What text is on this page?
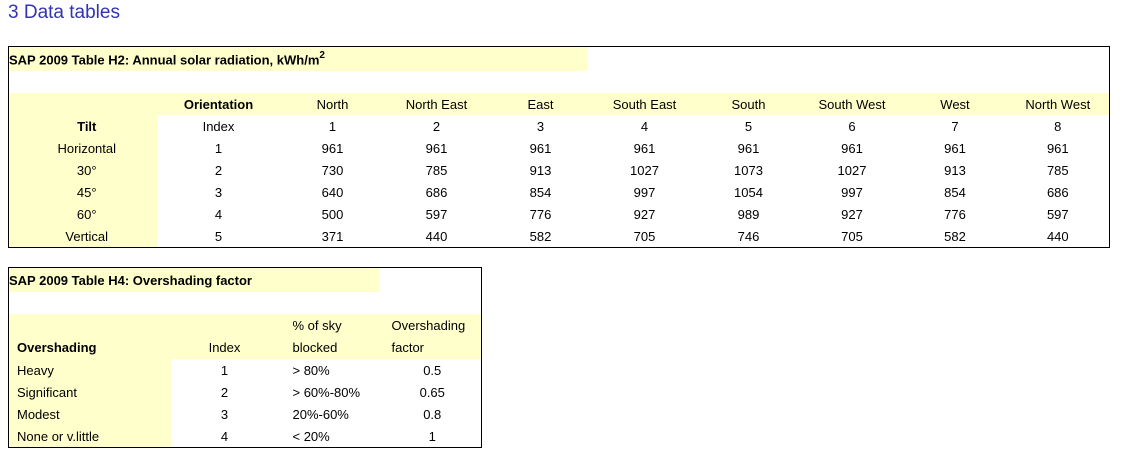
3 Data tables
SAP 2009 Table H2: Annual solar radiation, kWh/$m^2$

	Orientation	North	North East	East	South East	South	South West	West	North West
Tilt	Index	1	2	3	4	5	6	7	8
Horizontal	1	961	961	961	961	961	961	961	961
30°	2	730	785	913	1027	1073	1027	913	785
45°	3	640	686	854	997	1054	997	854	686
60°	4	500	597	776	927	989	927	776	597
Vertical	5	371	440	582	705	746	705	582	440
SAP 2009 Table H4: Overshading factor			

		% of sky	Overshading
Overshading	Index	blocked	factor
Heavy	1	> 80%	0.5
Significant	2	> 60%-80%	0.65
Modest	3	20%-60%	0.8
None or v.little	4	< 20%	1
